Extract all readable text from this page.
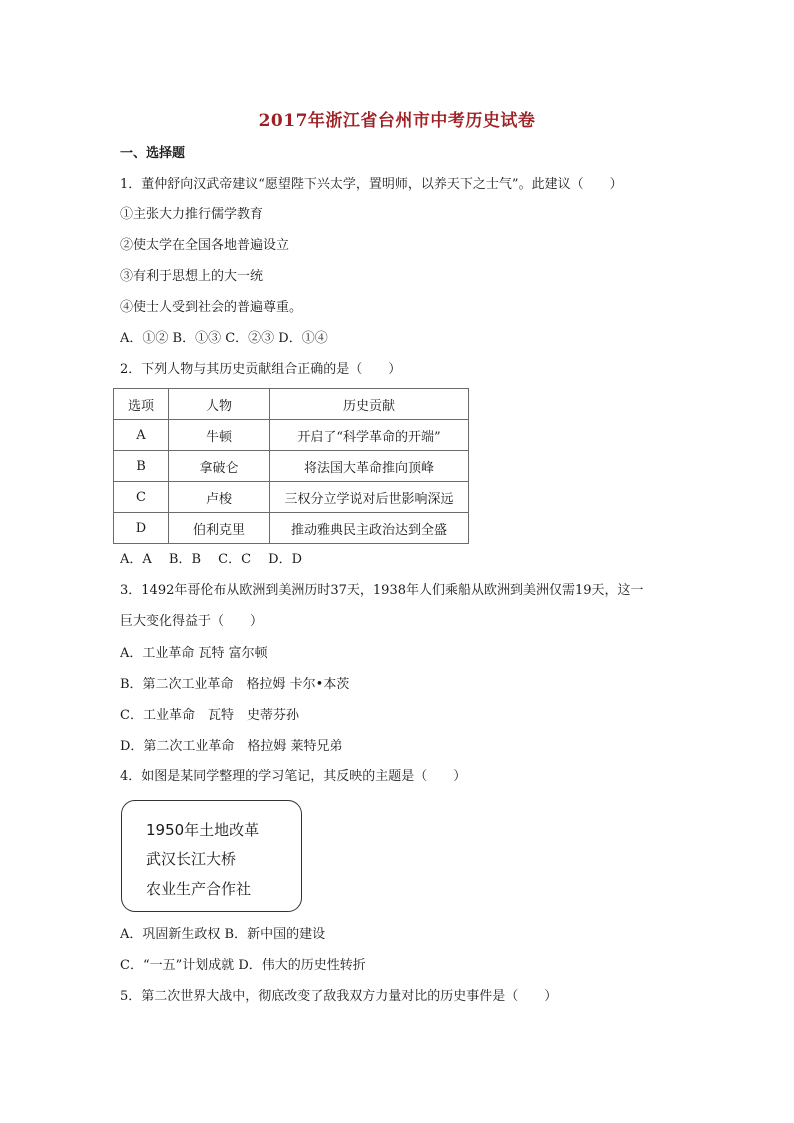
2017年浙江省台州市中考历史试卷
一、选择题
1．董仲舒向汉武帝建议“愿望陛下兴太学，置明师，以养天下之士气”。此建议（　　）
①主张大力推行儒学教育
②使太学在全国各地普遍设立
③有利于思想上的大一统
④使士人受到社会的普遍尊重。
A．①② B．①③ C．②③ D．①④
2．下列人物与其历史贡献组合正确的是（　　）
选项	人物	历史贡献
A	牛顿	开启了“科学革命的开端”
B	拿破仑	将法国大革命推向顶峰
C	卢梭	三权分立学说对后世影响深远
D	伯利克里	推动雅典民主政治达到全盛
A．A　 B．B　 C．C　 D．D
3．1492年哥伦布从欧洲到美洲历时37天，1938年人们乘船从欧洲到美洲仅需19天，这一
巨大变化得益于（　　）
A．工业革命 瓦特 富尔顿
B．第二次工业革命　格拉姆 卡尔•本茨
C．工业革命　瓦特　史蒂芬孙
D．第二次工业革命　格拉姆 莱特兄弟
4．如图是某同学整理的学习笔记，其反映的主题是（　　）
1950年土地改革
武汉长江大桥
农业生产合作社
A．巩固新生政权 B．新中国的建设
C．“一五”计划成就 D．伟大的历史性转折
5．第二次世界大战中，彻底改变了敌我双方力量对比的历史事件是（　　）
